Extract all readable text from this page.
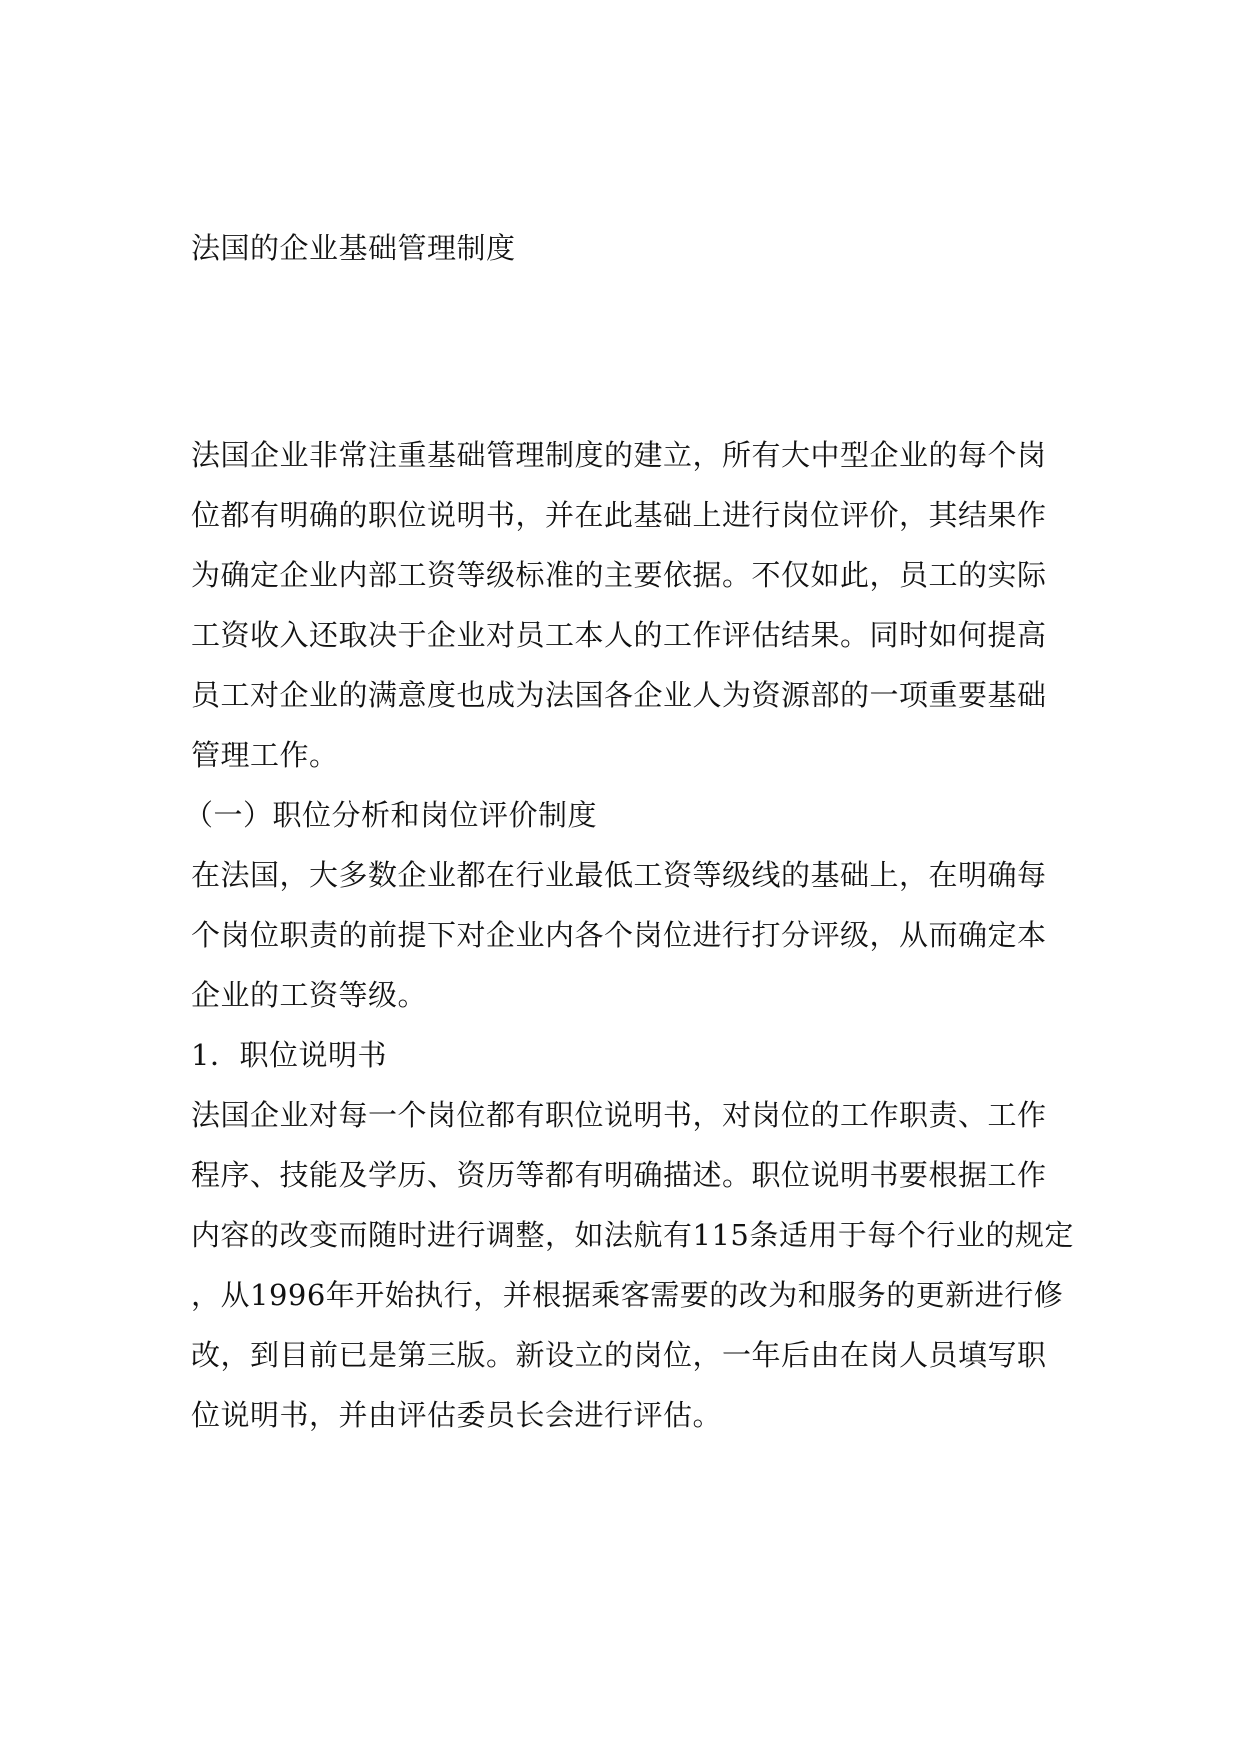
法国的企业基础管理制度

法国企业非常注重基础管理制度的建立，所有大中型企业的每个岗

位都有明确的职位说明书，并在此基础上进行岗位评价，其结果作

为确定企业内部工资等级标准的主要依据。不仅如此，员工的实际

工资收入还取决于企业对员工本人的工作评估结果。同时如何提高

员工对企业的满意度也成为法国各企业人为资源部的一项重要基础

管理工作。

（一）职位分析和岗位评价制度

在法国，大多数企业都在行业最低工资等级线的基础上，在明确每

个岗位职责的前提下对企业内各个岗位进行打分评级，从而确定本

企业的工资等级。

1．职位说明书

法国企业对每一个岗位都有职位说明书，对岗位的工作职责、工作

程序、技能及学历、资历等都有明确描述。职位说明书要根据工作

内容的改变而随时进行调整，如法航有115条适用于每个行业的规定

，从1996年开始执行，并根据乘客需要的改为和服务的更新进行修

改，到目前已是第三版。新设立的岗位，一年后由在岗人员填写职

位说明书，并由评估委员长会进行评估。
